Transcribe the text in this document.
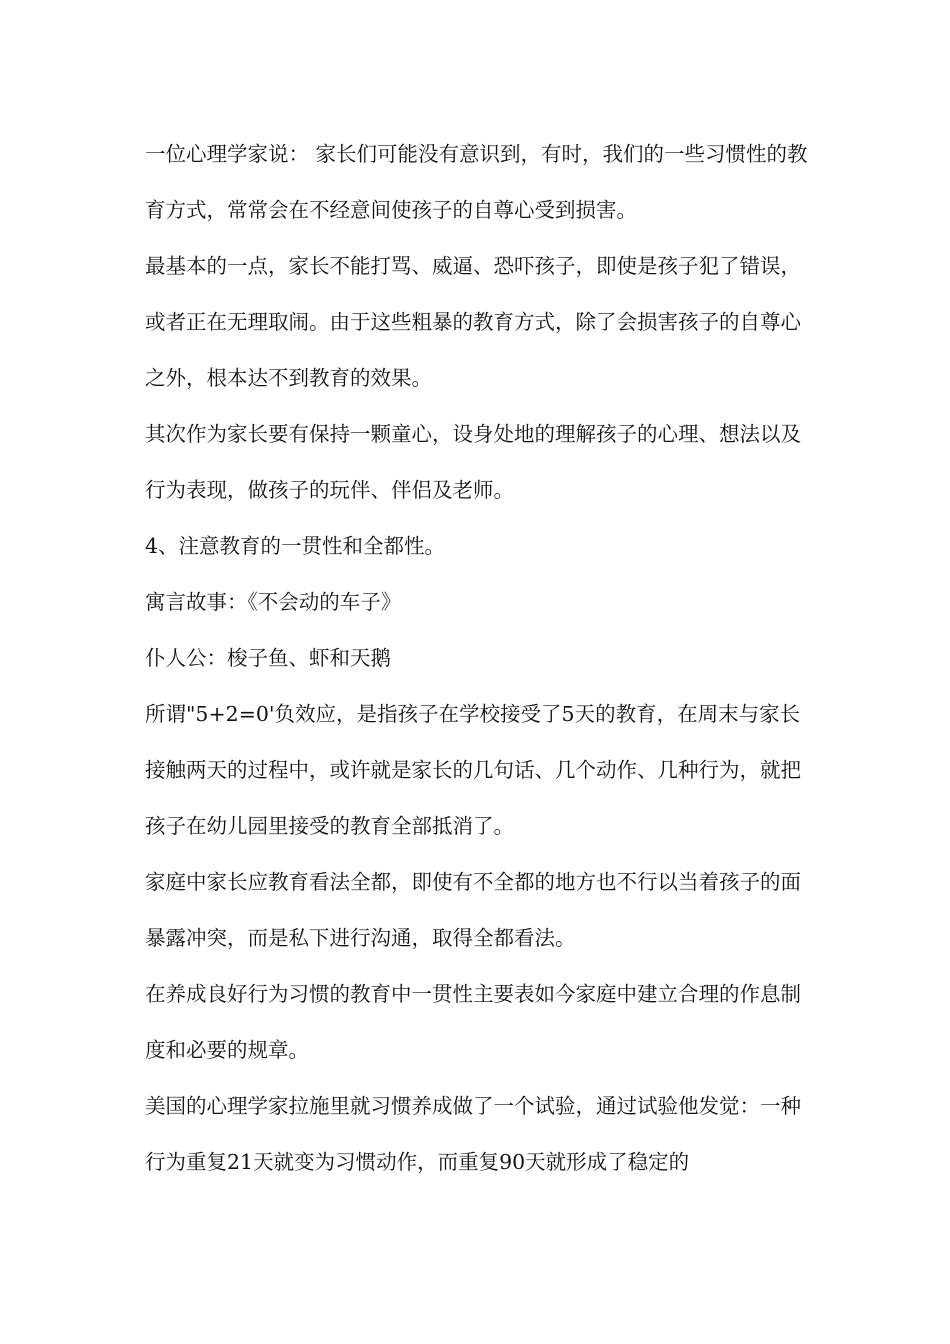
一位心理学家说： 家长们可能没有意识到，有时，我们的一些习惯性的教育方式，常常会在不经意间使孩子的自尊心受到损害。

最基本的一点，家长不能打骂、威逼、恐吓孩子，即使是孩子犯了错误，或者正在无理取闹。由于这些粗暴的教育方式，除了会损害孩子的自尊心之外，根本达不到教育的效果。

其次作为家长要有保持一颗童心，设身处地的理解孩子的心理、想法以及行为表现，做孩子的玩伴、伴侣及老师。

4、注意教育的一贯性和全都性。

寓言故事：《不会动的车子》

仆人公：梭子鱼、虾和天鹅

所谓"5+2=0'负效应，是指孩子在学校接受了5天的教育，在周末与家长接触两天的过程中，或许就是家长的几句话、几个动作、几种行为，就把孩子在幼儿园里接受的教育全部抵消了。

家庭中家长应教育看法全都，即使有不全都的地方也不行以当着孩子的面暴露冲突，而是私下进行沟通，取得全都看法。

在养成良好行为习惯的教育中一贯性主要表如今家庭中建立合理的作息制度和必要的规章。

美国的心理学家拉施里就习惯养成做了一个试验，通过试验他发觉：一种行为重复21天就变为习惯动作，而重复90天就形成了稳定的
